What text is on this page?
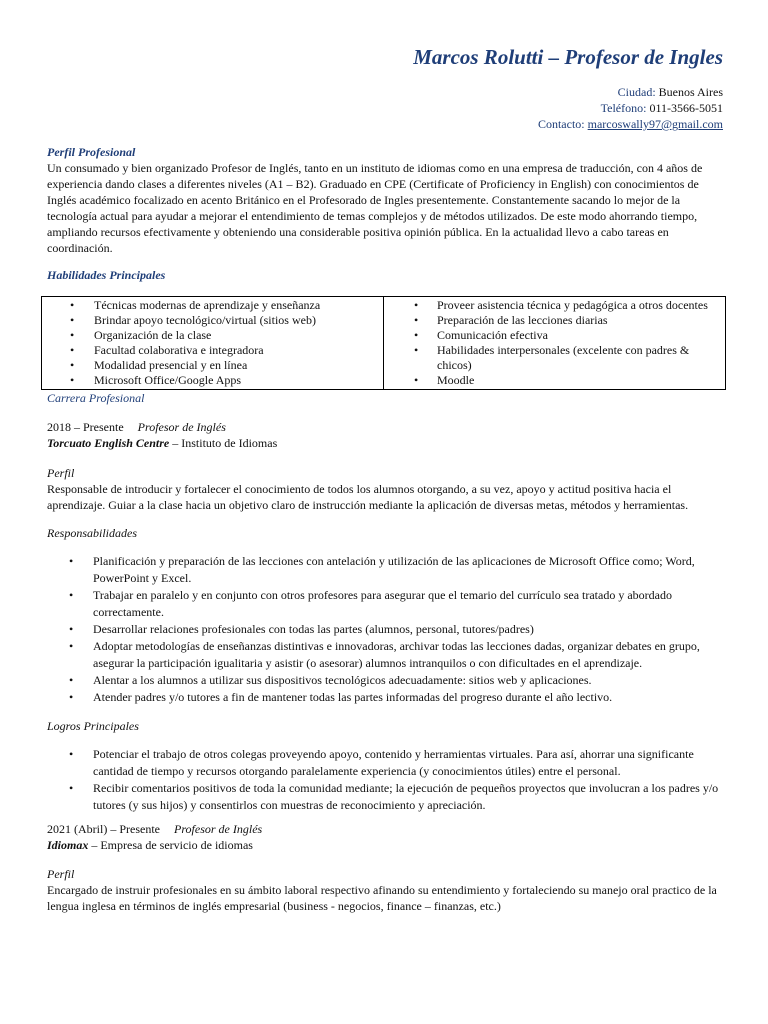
Marcos Rolutti – Profesor de Ingles
Ciudad: Buenos Aires
Teléfono: 011-3566-5051
Contacto: marcoswally97@gmail.com
Perfil Profesional
Un consumado y bien organizado Profesor de Inglés, tanto en un instituto de idiomas como en una empresa de traducción, con 4 años de experiencia dando clases a diferentes niveles (A1 – B2). Graduado en CPE (Certificate of Proficiency in English) con conocimientos de Inglés académico focalizado en acento Británico en el Profesorado de Ingles presentemente. Constantemente sacando lo mejor de la tecnología actual para ayudar a mejorar el entendimiento de temas complejos y de métodos utilizados. De este modo ahorrando tiempo, ampliando recursos efectivamente y obteniendo una considerable positiva opinión pública. En la actualidad llevo a cabo tareas en coordinación.
Habilidades Principales
• Técnicas modernas de aprendizaje y enseñanza
• Brindar apoyo tecnológico/virtual (sitios web)
• Organización de la clase
• Facultad colaborativa e integradora
• Modalidad presencial y en línea
• Microsoft Office/Google Apps
• Proveer asistencia técnica y pedagógica a otros docentes
• Preparación de las lecciones diarias
• Comunicación efectiva
• Habilidades interpersonales (excelente con padres & chicos)
• Moodle
Carrera Profesional
2018 – Presente Profesor de Inglés
Torcuato English Centre – Instituto de Idiomas
Perfil
Responsable de introducir y fortalecer el conocimiento de todos los alumnos otorgando, a su vez, apoyo y actitud positiva hacia el aprendizaje. Guiar a la clase hacia un objetivo claro de instrucción mediante la aplicación de diversas metas, métodos y herramientas.
Responsabilidades
• Planificación y preparación de las lecciones con antelación y utilización de las aplicaciones de Microsoft Office como; Word, PowerPoint y Excel.
• Trabajar en paralelo y en conjunto con otros profesores para asegurar que el temario del currículo sea tratado y abordado correctamente.
• Desarrollar relaciones profesionales con todas las partes (alumnos, personal, tutores/padres)
• Adoptar metodologías de enseñanzas distintivas e innovadoras, archivar todas las lecciones dadas, organizar debates en grupo, asegurar la participación igualitaria y asistir (o asesorar) alumnos intranquilos o con dificultades en el aprendizaje.
• Alentar a los alumnos a utilizar sus dispositivos tecnológicos adecuadamente: sitios web y aplicaciones.
• Atender padres y/o tutores a fin de mantener todas las partes informadas del progreso durante el año lectivo.
Logros Principales
• Potenciar el trabajo de otros colegas proveyendo apoyo, contenido y herramientas virtuales. Para así, ahorrar una significante cantidad de tiempo y recursos otorgando paralelamente experiencia (y conocimientos útiles) entre el personal.
• Recibir comentarios positivos de toda la comunidad mediante; la ejecución de pequeños proyectos que involucran a los padres y/o tutores (y sus hijos) y consentirlos con muestras de reconocimiento y apreciación.
2021 (Abril) – Presente Profesor de Inglés
Idiomax – Empresa de servicio de idiomas
Perfil
Encargado de instruir profesionales en su ámbito laboral respectivo afinando su entendimiento y fortaleciendo su manejo oral practico de la lengua inglesa en términos de inglés empresarial (business - negocios, finance – finanzas, etc.)
